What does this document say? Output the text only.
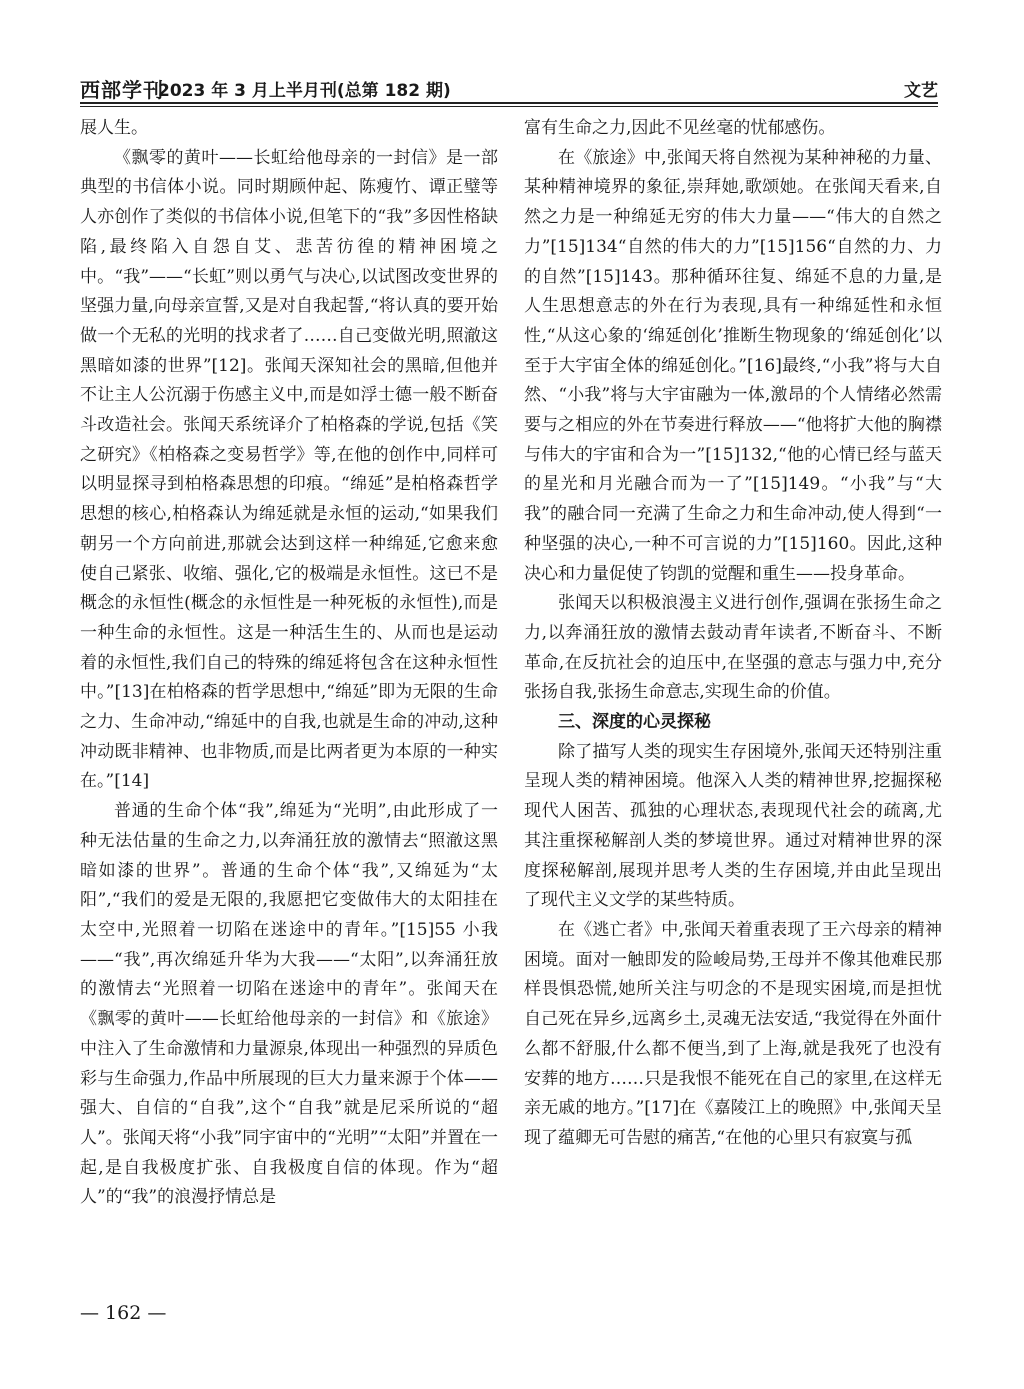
西部学刊
2023 年 3 月上半月刊(总第 182 期)	文艺

展人生。

《飘零的黄叶——长虹给他母亲的一封信》是一部典型的书信体小说。同时期顾仲起、陈瘦竹、谭正璧等人亦创作了类似的书信体小说,但笔下的“我”多因性格缺陷,最终陷入自怨自艾、悲苦彷徨的精神困境之中。“我”——“长虹”则以勇气与决心,以试图改变世界的坚强力量,向母亲宣誓,又是对自我起誓,“将认真的要开始做一个无私的光明的找求者了……自己变做光明,照澈这黑暗如漆的世界”[12]。张闻天深知社会的黑暗,但他并不让主人公沉溺于伤感主义中,而是如浮士德一般不断奋斗改造社会。张闻天系统译介了柏格森的学说,包括《笑之研究》《柏格森之变易哲学》等,在他的创作中,同样可以明显探寻到柏格森思想的印痕。“绵延”是柏格森哲学思想的核心,柏格森认为绵延就是永恒的运动,“如果我们朝另一个方向前进,那就会达到这样一种绵延,它愈来愈使自己紧张、收缩、强化,它的极端是永恒性。这已不是概念的永恒性(概念的永恒性是一种死板的永恒性),而是一种生命的永恒性。这是一种活生生的、从而也是运动着的永恒性,我们自己的特殊的绵延将包含在这种永恒性中。”[13]在柏格森的哲学思想中,“绵延”即为无限的生命之力、生命冲动,“绵延中的自我,也就是生命的冲动,这种冲动既非精神、也非物质,而是比两者更为本原的一种实在。”[14]

普通的生命个体“我”,绵延为“光明”,由此形成了一种无法估量的生命之力,以奔涌狂放的激情去“照澈这黑暗如漆的世界”。普通的生命个体“我”,又绵延为“太阳”,“我们的爱是无限的,我愿把它变做伟大的太阳挂在太空中,光照着一切陷在迷途中的青年。”[15]55 小我——“我”,再次绵延升华为大我——“太阳”,以奔涌狂放的激情去“光照着一切陷在迷途中的青年”。张闻天在《飘零的黄叶——长虹给他母亲的一封信》和《旅途》中注入了生命激情和力量源泉,体现出一种强烈的异质色彩与生命强力,作品中所展现的巨大力量来源于个体——强大、自信的“自我”,这个“自我”就是尼采所说的“超人”。张闻天将“小我”同宇宙中的“光明”“太阳”并置在一起,是自我极度扩张、自我极度自信的体现。作为“超人”的“我”的浪漫抒情总是

富有生命之力,因此不见丝毫的忧郁感伤。

在《旅途》中,张闻天将自然视为某种神秘的力量、某种精神境界的象征,崇拜她,歌颂她。在张闻天看来,自然之力是一种绵延无穷的伟大力量——“伟大的自然之力”[15]134“自然的伟大的力”[15]156“自然的力、力的自然”[15]143。那种循环往复、绵延不息的力量,是人生思想意志的外在行为表现,具有一种绵延性和永恒性,“从这心象的‘绵延创化’推断生物现象的‘绵延创化’以至于大宇宙全体的绵延创化。”[16]最终,“小我”将与大自然、“小我”将与大宇宙融为一体,激昂的个人情绪必然需要与之相应的外在节奏进行释放——“他将扩大他的胸襟与伟大的宇宙和合为一”[15]132,“他的心情已经与蓝天的星光和月光融合而为一了”[15]149。“小我”与“大我”的融合同一充满了生命之力和生命冲动,使人得到“一种坚强的决心,一种不可言说的力”[15]160。因此,这种决心和力量促使了钧凯的觉醒和重生——投身革命。

张闻天以积极浪漫主义进行创作,强调在张扬生命之力,以奔涌狂放的激情去鼓动青年读者,不断奋斗、不断革命,在反抗社会的迫压中,在坚强的意志与强力中,充分张扬自我,张扬生命意志,实现生命的价值。

三、深度的心灵探秘

除了描写人类的现实生存困境外,张闻天还特别注重呈现人类的精神困境。他深入人类的精神世界,挖掘探秘现代人困苦、孤独的心理状态,表现现代社会的疏离,尤其注重探秘解剖人类的梦境世界。通过对精神世界的深度探秘解剖,展现并思考人类的生存困境,并由此呈现出了现代主义文学的某些特质。

在《逃亡者》中,张闻天着重表现了王六母亲的精神困境。面对一触即发的险峻局势,王母并不像其他难民那样畏惧恐慌,她所关注与叨念的不是现实困境,而是担忧自己死在异乡,远离乡土,灵魂无法安适,“我觉得在外面什么都不舒服,什么都不便当,到了上海,就是我死了也没有安葬的地方……只是我恨不能死在自己的家里,在这样无亲无戚的地方。”[17]在《嘉陵江上的晚照》中,张闻天呈现了蕴卿无可告慰的痛苦,“在他的心里只有寂寞与孤

— 162 —
